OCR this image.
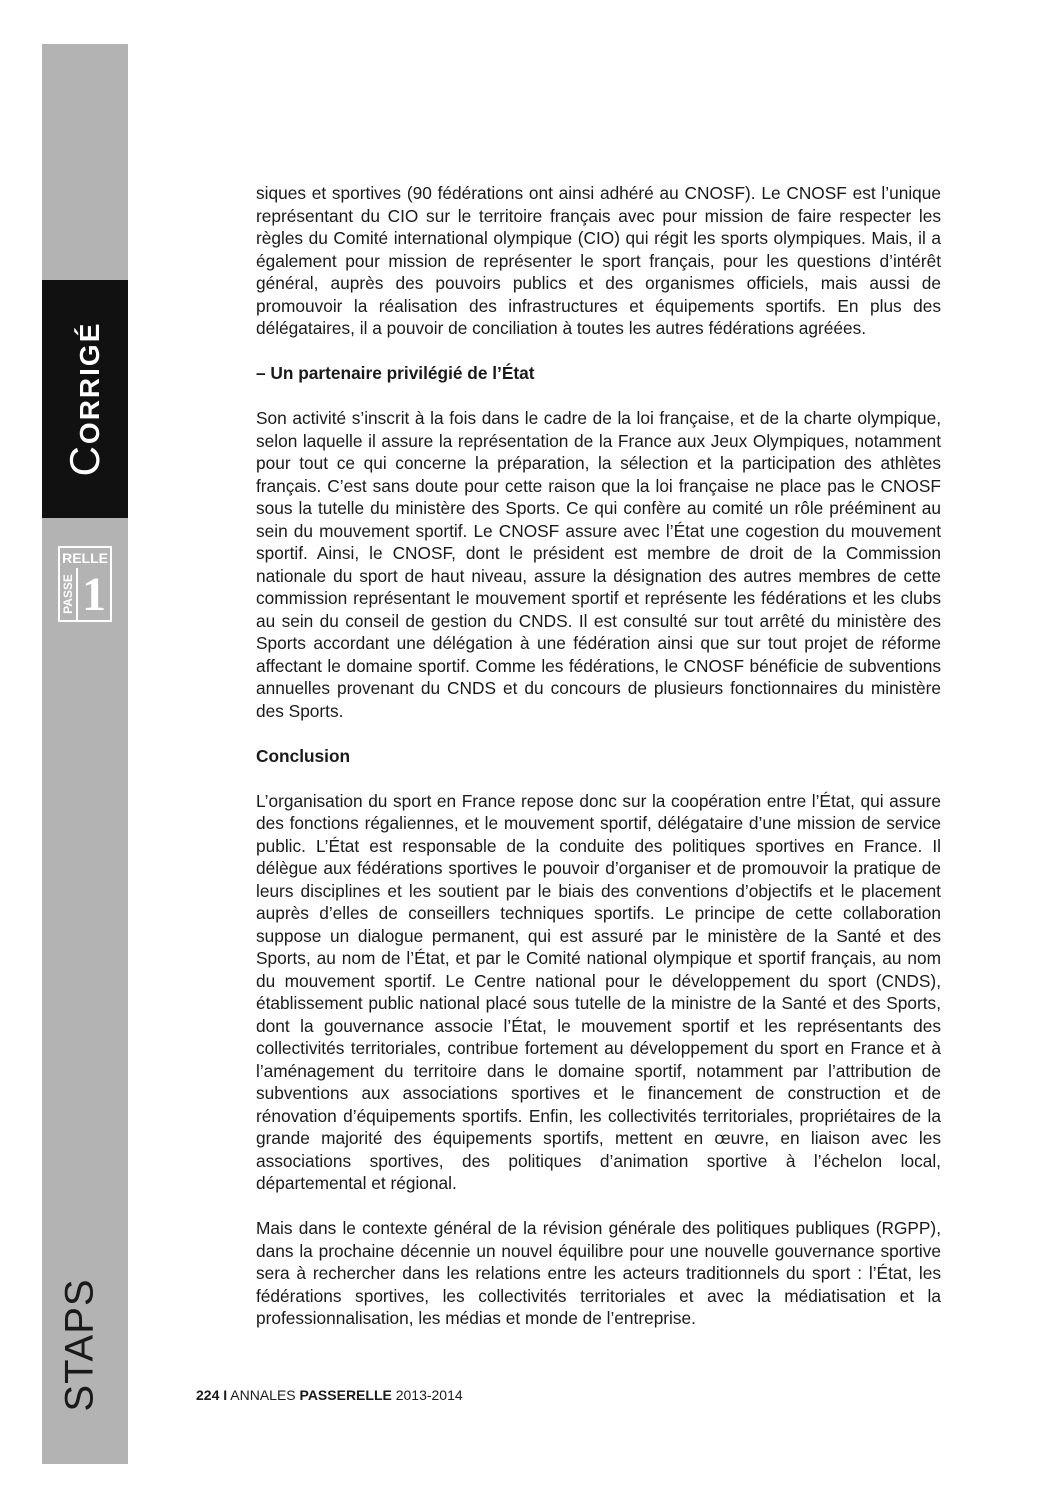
CORRIGÉ
RELLE
PASSE 1
STAPS

siques et sportives (90 fédérations ont ainsi adhéré au CNOSF). Le CNOSF est l’unique représentant du CIO sur le territoire français avec pour mission de faire respecter les règles du Comité international olympique (CIO) qui régit les sports olympiques. Mais, il a également pour mission de représenter le sport français, pour les questions d’intérêt général, auprès des pouvoirs publics et des organismes officiels, mais aussi de promouvoir la réalisation des infrastructures et équipements sportifs. En plus des délégataires, il a pouvoir de conciliation à toutes les autres fédérations agréées.

– Un partenaire privilégié de l’État

Son activité s’inscrit à la fois dans le cadre de la loi française, et de la charte olympique, selon laquelle il assure la représentation de la France aux Jeux Olympiques, notamment pour tout ce qui concerne la préparation, la sélection et la participation des athlètes français. C’est sans doute pour cette raison que la loi française ne place pas le CNOSF sous la tutelle du ministère des Sports. Ce qui confère au comité un rôle prééminent au sein du mouvement sportif. Le CNOSF assure avec l’État une cogestion du mouvement sportif. Ainsi, le CNOSF, dont le président est membre de droit de la Commission nationale du sport de haut niveau, assure la désignation des autres membres de cette commission représentant le mouvement sportif et représente les fédérations et les clubs au sein du conseil de gestion du CNDS. Il est consulté sur tout arrêté du ministère des Sports accordant une délégation à une fédération ainsi que sur tout projet de réforme affectant le domaine sportif. Comme les fédérations, le CNOSF bénéficie de subventions annuelles provenant du CNDS et du concours de plusieurs fonctionnaires du ministère des Sports.

Conclusion

L’organisation du sport en France repose donc sur la coopération entre l’État, qui assure des fonctions régaliennes, et le mouvement sportif, délégataire d’une mission de service public. L’État est responsable de la conduite des politiques sportives en France. Il délègue aux fédérations sportives le pouvoir d’organiser et de promouvoir la pratique de leurs disciplines et les soutient par le biais des conventions d’objectifs et le placement auprès d’elles de conseillers techniques sportifs. Le principe de cette collaboration suppose un dialogue permanent, qui est assuré par le ministère de la Santé et des Sports, au nom de l’État, et par le Comité national olympique et sportif français, au nom du mouvement sportif. Le Centre national pour le développement du sport (CNDS), établissement public national placé sous tutelle de la ministre de la Santé et des Sports, dont la gouvernance associe l’État, le mouvement sportif et les représentants des collectivités territoriales, contribue fortement au développement du sport en France et à l’aménagement du territoire dans le domaine sportif, notamment par l’attribution de subventions aux associations sportives et le financement de construction et de rénovation d’équipements sportifs. Enfin, les collectivités territoriales, propriétaires de la grande majorité des équipements sportifs, mettent en œuvre, en liaison avec les associations sportives, des politiques d’animation sportive à l’échelon local, départemental et régional.

Mais dans le contexte général de la révision générale des politiques publiques (RGPP), dans la prochaine décennie un nouvel équilibre pour une nouvelle gouvernance sportive sera à rechercher dans les relations entre les acteurs traditionnels du sport : l’État, les fédérations sportives, les collectivités territoriales et avec la médiatisation et la professionnalisation, les médias et monde de l’entreprise.

224 I ANNALES PASSERELLE 2013-2014
